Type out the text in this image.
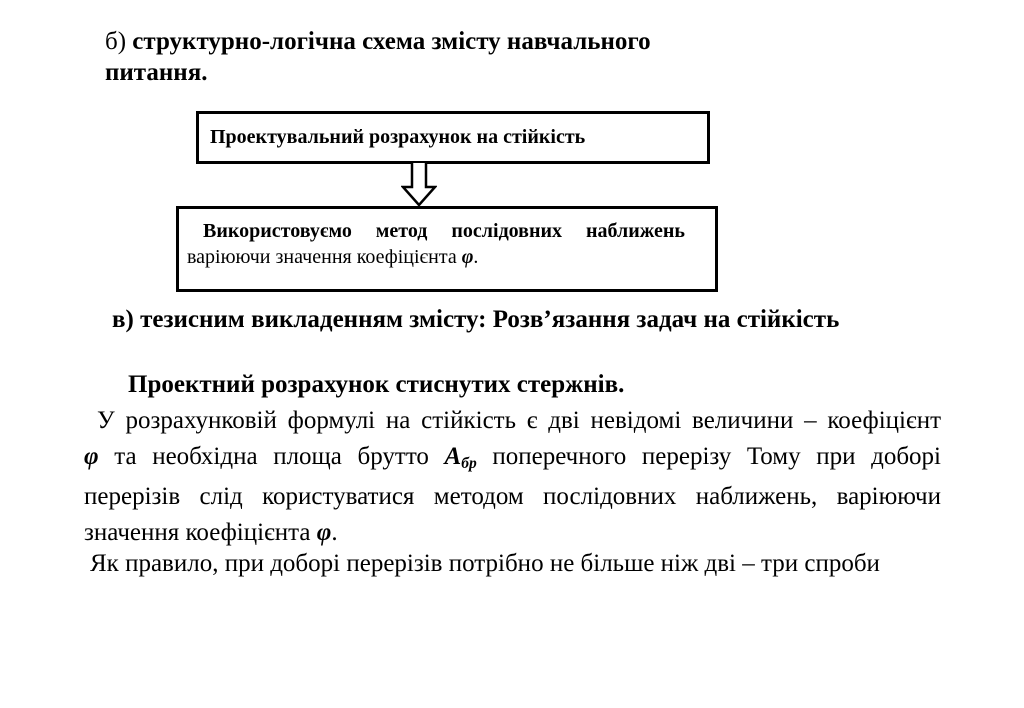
б) структурно-логічна схема змісту навчального
питання.
Проектувальний розрахунок на стійкість
Використовуємо метод послідовних наближень
варіюючи значення коефіцієнта φ.
в) тезисним викладенням змісту: Розв’язання задач на стійкість
Проектний розрахунок стиснутих стержнів.
У розрахунковій формулі на стійкість є дві невідомі величини – коефіцієнт
φ та необхідна площа брутто $А_{бр}$ поперечного перерізу Тому при доборі
перерізів слід користуватися методом послідовних наближень, варіюючи
значення коефіцієнта φ.
Як правило, при доборі перерізів потрібно не більше ніж дві – три спроби
